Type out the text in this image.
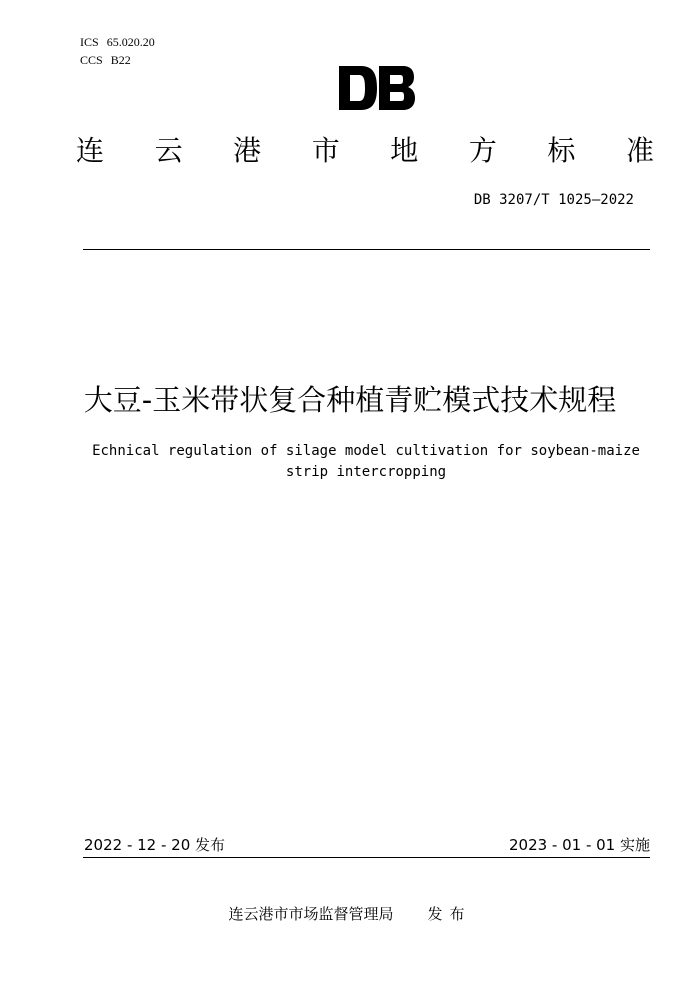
ICS 65.020.20
CCS B22
连 云 港 市 地 方 标 准
DB 3207/T 1025—2022
大豆-玉米带状复合种植青贮模式技术规程
Echnical regulation of silage model cultivation for soybean-maize
strip intercropping
2022 - 12 - 20 发布	2023 - 01 - 01 实施
连云港市市场监督管理局 发布
